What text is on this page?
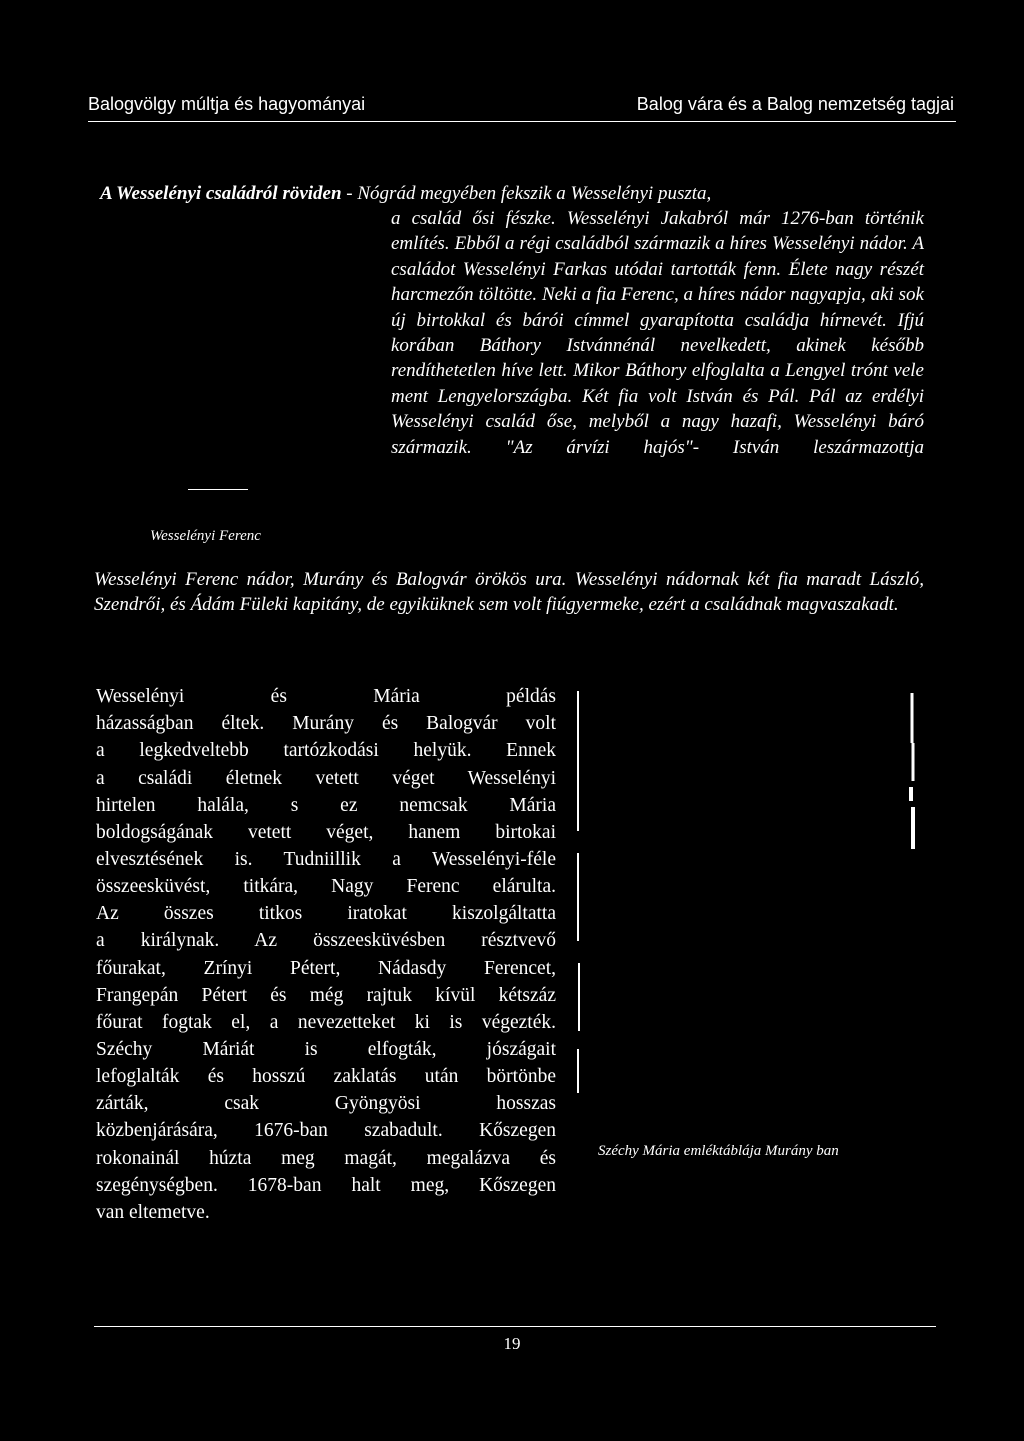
Balogvölgy múltja és hagyományai	Balog vára és a Balog nemzetség tagjai
A Wesselényi családról röviden - Nógrád megyében fekszik a Wesselényi puszta,
a család ősi fészke. Wesselényi Jakabról már 1276-ban történik említés. Ebből a régi családból származik a híres Wesselényi nádor. A családot Wesselényi Farkas utódai tartották fenn. Élete nagy részét harcmezőn töltötte. Neki a fia Ferenc, a híres nádor nagyapja, aki sok új birtokkal és bárói címmel gyarapította családja hírnevét. Ifjú korában Báthory Istvánnénál nevelkedett, akinek később rendíthetetlen híve lett. Mikor Báthory elfoglalta a Lengyel trónt vele ment Lengyelországba. Két fia volt István és Pál. Pál az erdélyi Wesselényi család őse, melyből a nagy hazafi, Wesselényi báró származik. "Az árvízi hajós"- István leszármazottja
Wesselényi Ferenc nádor, Murány és Balogvár örökös ura. Wesselényi nádornak két fia maradt László, Szendrői, és Ádám Füleki kapitány, de egyiküknek sem volt fiúgyermeke, ezért a családnak magvaszakadt.
Wesselényi Ferenc
Wesselényi és Mária példás
házasságban éltek. Murány és Balogvár volt
a legkedveltebb tartózkodási helyük. Ennek
a családi életnek vetett véget Wesselényi
hirtelen halála, s ez nemcsak Mária
boldogságának vetett véget, hanem birtokai
elvesztésének is. Tudniillik a Wesselényi-féle
összeesküvést, titkára, Nagy Ferenc elárulta.
Az összes titkos iratokat kiszolgáltatta
a királynak. Az összeesküvésben résztvevő
főurakat, Zrínyi Pétert, Nádasdy Ferencet,
Frangepán Pétert és még rajtuk kívül kétszáz
főurat fogtak el, a nevezetteket ki is végezték.
Széchy Máriát is elfogták, jószágait
lefoglalták és hosszú zaklatás után börtönbe
zárták, csak Gyöngyösi hosszas
közbenjárására, 1676-ban szabadult. Kőszegen
rokonainál húzta meg magát, megalázva és
szegénységben. 1678-ban halt meg, Kőszegen
van eltemetve.
Széchy Mária emléktáblája Murány ban
19
